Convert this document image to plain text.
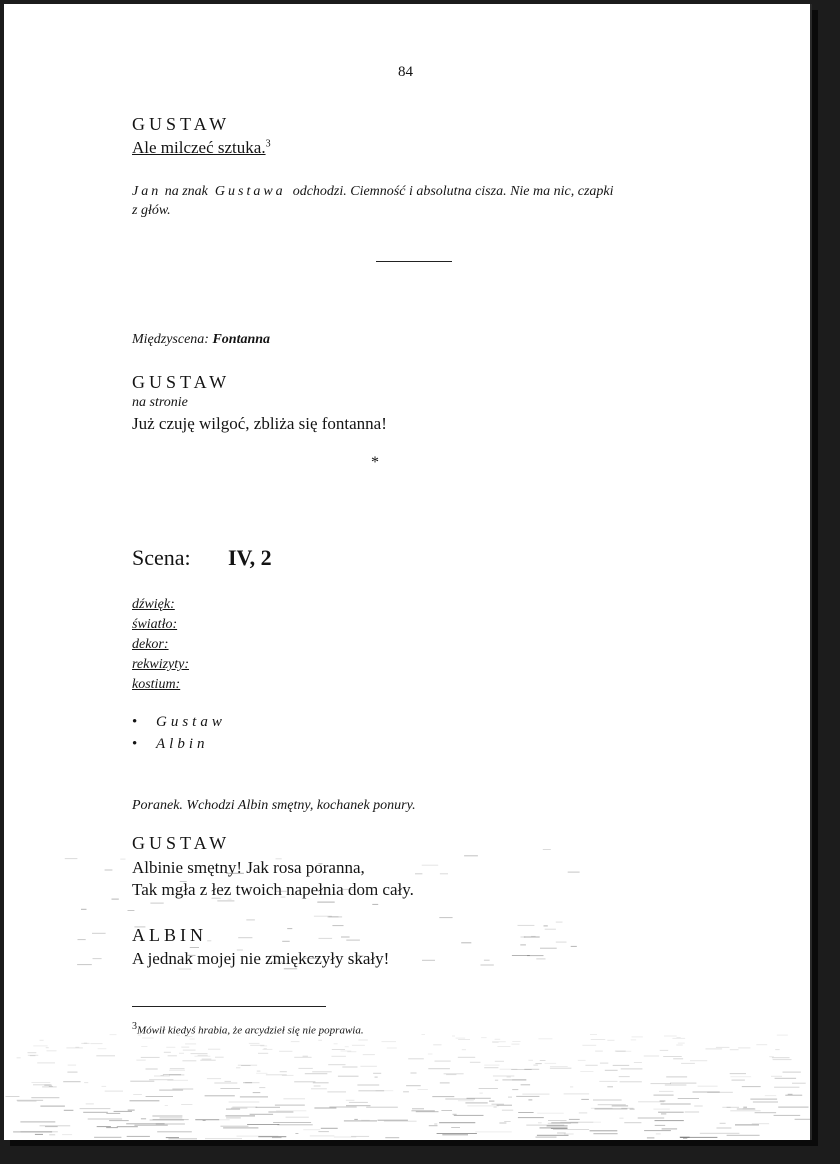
84
GUSTAW
Ale milczeć sztuka.$^3$
Jan na znak Gustawa odchodzi. Ciemność i absolutna cisza. Nie ma nic, czapki
z głów.
Międzyscena: Fontanna
GUSTAW
na stronie
Już czuję wilgoć, zbliża się fontanna!
*
Scena: IV, 2
dźwięk:
światło:
dekor:
rekwizyty:
kostium:
• Gustaw
• Albin
Poranek. Wchodzi Albin smętny, kochanek ponury.
GUSTAW
Albinie smętny! Jak rosa poranna,
Tak mgła z łez twoich napełnia dom cały.
ALBIN
A jednak mojej nie zmiękczyły skały!
3Mówił kiedyś hrabia, że arcydzieł się nie poprawia.
